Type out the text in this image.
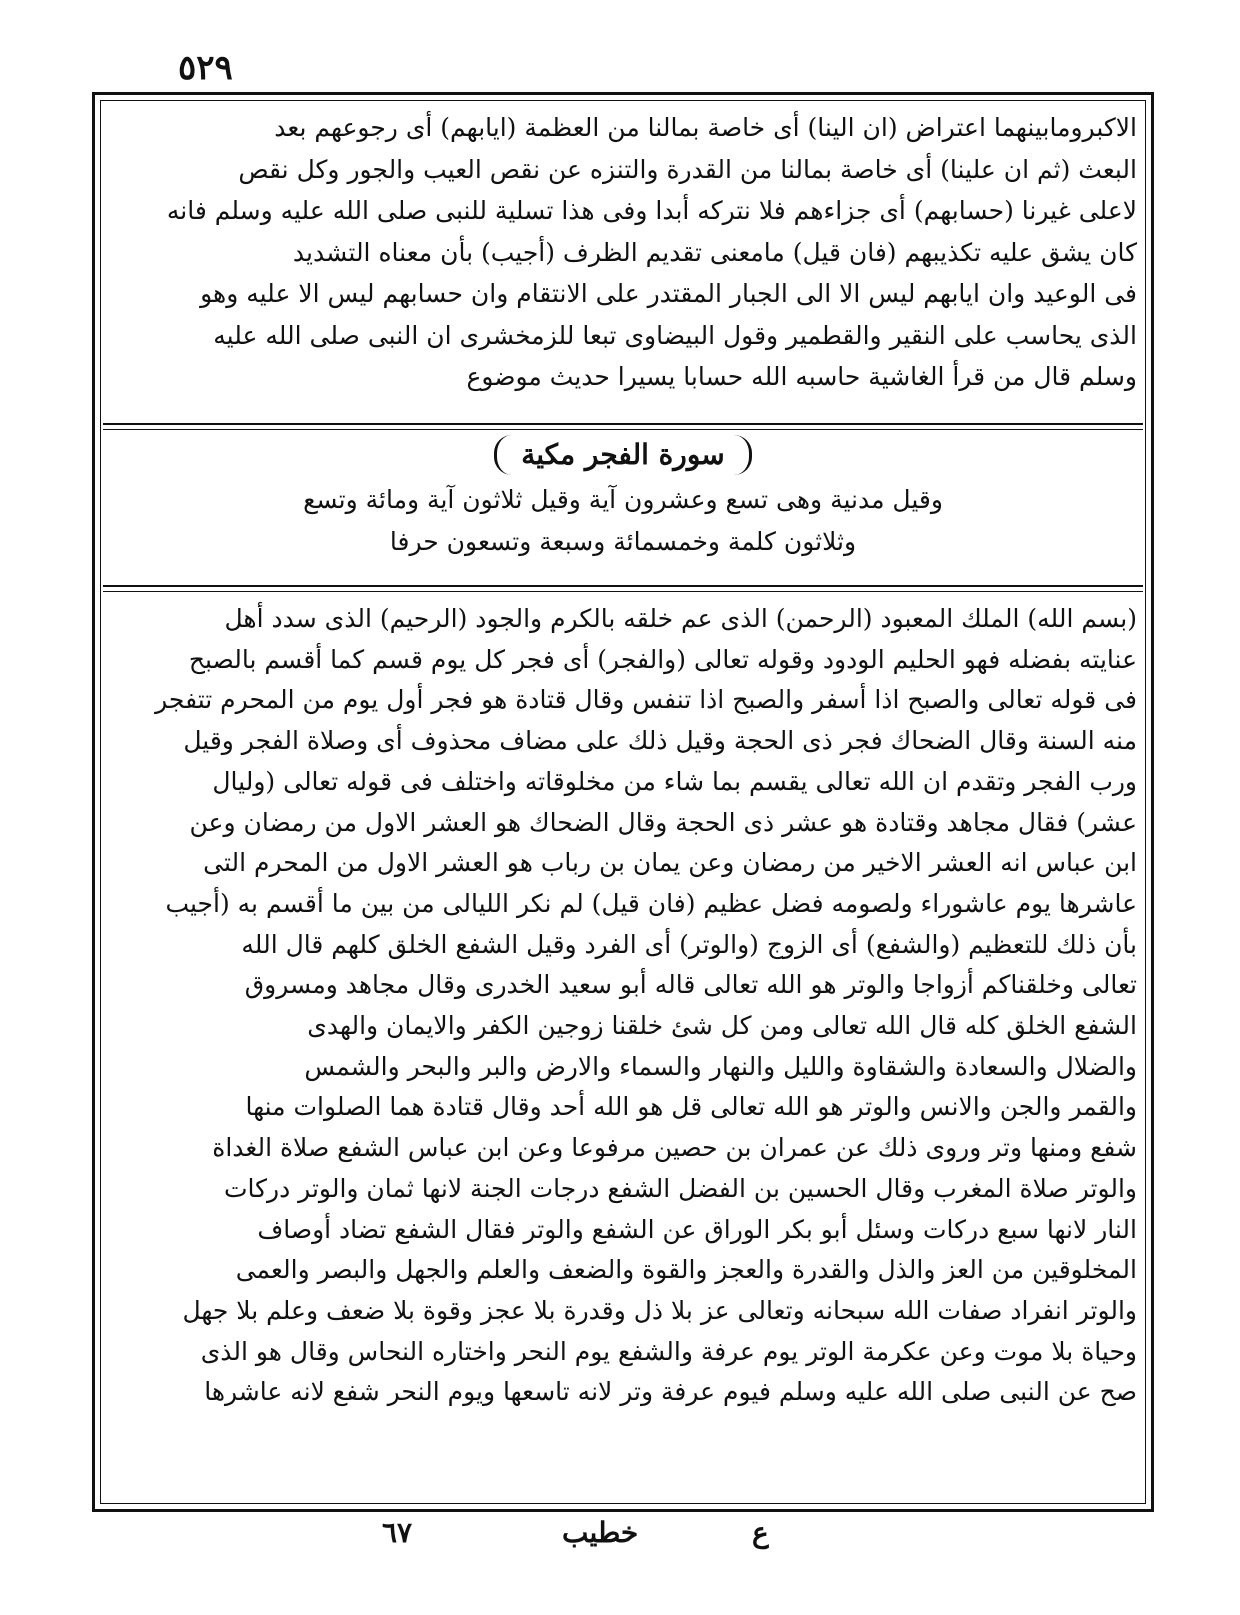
٥٢٩

الاكبرومابينهما اعتراض (ان الينا) أى خاصة بمالنا من العظمة (ايابهم) أى رجوعهم بعد

البعث (ثم ان علينا) أى خاصة بمالنا من القدرة والتنزه عن نقص العيب والجور وكل نقص

لاعلى غيرنا (حسابهم) أى جزاءهم فلا نتركه أبدا وفى هذا تسلية للنبى صلى الله عليه وسلم فانه

كان يشق عليه تكذيبهم (فان قيل) مامعنى تقديم الظرف (أجيب) بأن معناه التشديد

فى الوعيد وان ايابهم ليس الا الى الجبار المقتدر على الانتقام وان حسابهم ليس الا عليه وهو

الذى يحاسب على النقير والقطمير وقول البيضاوى تبعا للزمخشرى ان النبى صلى الله عليه

وسلم قال من قرأ الغاشية حاسبه الله حسابا يسيرا حديث موضوع

سورة الفجر مكية
وقيل مدنية وهى تسع وعشرون آية وقيل ثلاثون آية ومائة وتسع
وثلاثون كلمة وخمسمائة وسبعة وتسعون حرفا

(بسم الله) الملك المعبود (الرحمن) الذى عم خلقه بالكرم والجود (الرحيم) الذى سدد أهل

عنايته بفضله فهو الحليم الودود وقوله تعالى (والفجر) أى فجر كل يوم قسم كما أقسم بالصبح

فى قوله تعالى والصبح اذا أسفر والصبح اذا تنفس وقال قتادة هو فجر أول يوم من المحرم تتفجر

منه السنة وقال الضحاك فجر ذى الحجة وقيل ذلك على مضاف محذوف أى وصلاة الفجر وقيل

ورب الفجر وتقدم ان الله تعالى يقسم بما شاء من مخلوقاته واختلف فى قوله تعالى (وليال

عشر) فقال مجاهد وقتادة هو عشر ذى الحجة وقال الضحاك هو العشر الاول من رمضان وعن

ابن عباس انه العشر الاخير من رمضان وعن يمان بن رباب هو العشر الاول من المحرم التى

عاشرها يوم عاشوراء ولصومه فضل عظيم (فان قيل) لم نكر الليالى من بين ما أقسم به (أجيب

بأن ذلك للتعظيم (والشفع) أى الزوج (والوتر) أى الفرد وقيل الشفع الخلق كلهم قال الله

تعالى وخلقناكم أزواجا والوتر هو الله تعالى قاله أبو سعيد الخدرى وقال مجاهد ومسروق

الشفع الخلق كله قال الله تعالى ومن كل شئ خلقنا زوجين الكفر والايمان والهدى

والضلال والسعادة والشقاوة والليل والنهار والسماء والارض والبر والبحر والشمس

والقمر والجن والانس والوتر هو الله تعالى قل هو الله أحد وقال قتادة هما الصلوات منها

شفع ومنها وتر وروى ذلك عن عمران بن حصين مرفوعا وعن ابن عباس الشفع صلاة الغداة

والوتر صلاة المغرب وقال الحسين بن الفضل الشفع درجات الجنة لانها ثمان والوتر دركات

النار لانها سبع دركات وسئل أبو بكر الوراق عن الشفع والوتر فقال الشفع تضاد أوصاف

المخلوقين من العز والذل والقدرة والعجز والقوة والضعف والعلم والجهل والبصر والعمى

والوتر انفراد صفات الله سبحانه وتعالى عز بلا ذل وقدرة بلا عجز وقوة بلا ضعف وعلم بلا جهل

وحياة بلا موت وعن عكرمة الوتر يوم عرفة والشفع يوم النحر واختاره النحاس وقال هو الذى

صح عن النبى صلى الله عليه وسلم فيوم عرفة وتر لانه تاسعها ويوم النحر شفع لانه عاشرها

٦٧	خطيب	ع
